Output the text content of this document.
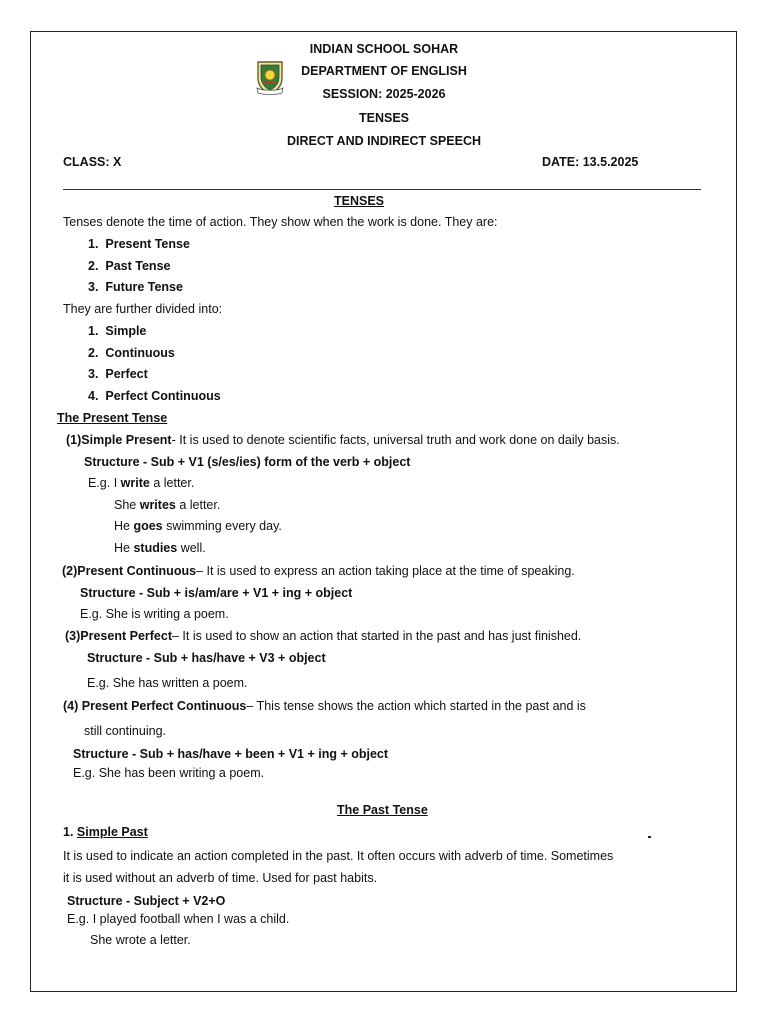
INDIAN SCHOOL SOHAR
DEPARTMENT OF ENGLISH
SESSION: 2025-2026
TENSES
DIRECT AND INDIRECT SPEECH
CLASS: X	DATE: 13.5.2025
TENSES
Tenses denote the time of action. They show when the work is done. They are:
1. Present Tense
2. Past Tense
3. Future Tense
They are further divided into:
1. Simple
2. Continuous
3. Perfect
4. Perfect Continuous
The Present Tense
(1)Simple Present- It is used to denote scientific facts, universal truth and work done on daily basis.
Structure - Sub + V1 (s/es/ies) form of the verb + object
E.g. I write a letter.
She writes a letter.
He goes swimming every day.
He studies well.
(2)Present Continuous– It is used to express an action taking place at the time of speaking.
Structure - Sub + is/am/are + V1 + ing + object
E.g. She is writing a poem.
(3)Present Perfect– It is used to show an action that started in the past and has just finished.
Structure - Sub + has/have + V3 + object
E.g. She has written a poem.
(4) Present Perfect Continuous– This tense shows the action which started in the past and is
still continuing.
Structure - Sub + has/have + been + V1 + ing + object
E.g. She has been writing a poem.
The Past Tense
1. Simple Past
It is used to indicate an action completed in the past. It often occurs with adverb of time. Sometimes
it is used without an adverb of time. Used for past habits.
Structure - Subject + V2+O
E.g. I played football when I was a child.
She wrote a letter.
